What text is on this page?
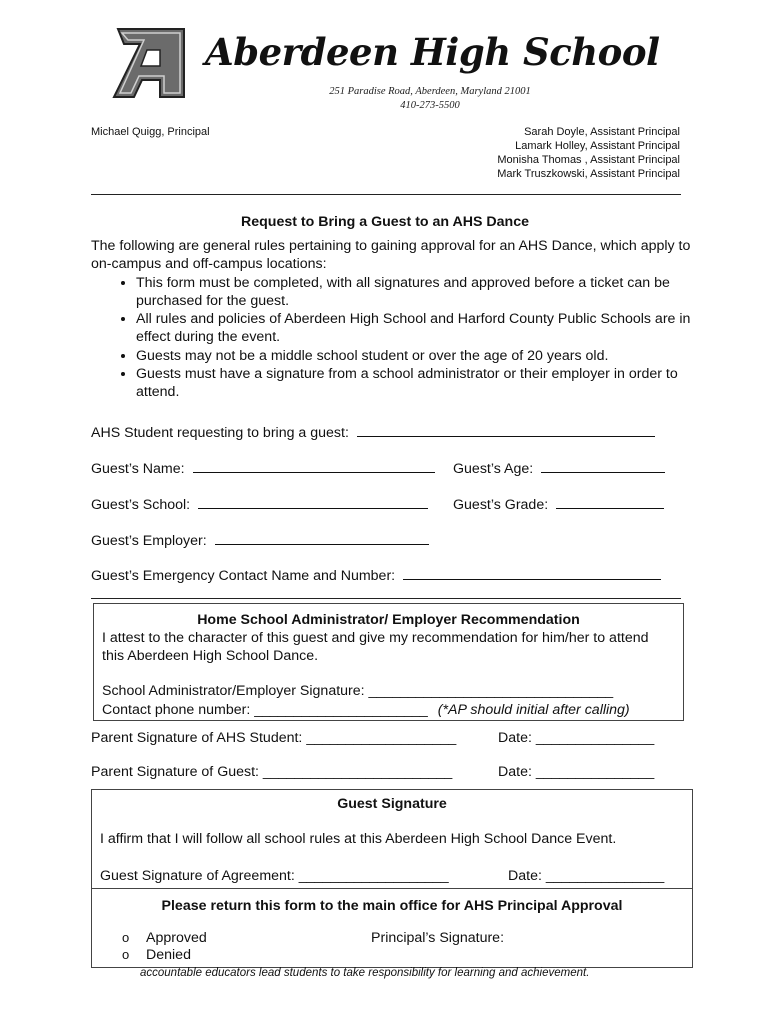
Aberdeen High School
251 Paradise Road, Aberdeen, Maryland 21001
410-273-5500
Michael Quigg, Principal	Sarah Doyle, Assistant Principal
Lamark Holley, Assistant Principal
Monisha Thomas , Assistant Principal
Mark Truszkowski, Assistant Principal
Request to Bring a Guest to an AHS Dance
The following are general rules pertaining to gaining approval for an AHS Dance, which apply to on-campus and off-campus locations:
• This form must be completed, with all signatures and approved before a ticket can be purchased for the guest.
• All rules and policies of Aberdeen High School and Harford County Public Schools are in effect during the event.
• Guests may not be a middle school student or over the age of 20 years old.
• Guests must have a signature from a school administrator or their employer in order to attend.
AHS Student requesting to bring a guest:
Guest’s Name:	Guest’s Age:
Guest’s School:	Guest’s Grade:
Guest’s Employer:
Guest’s Emergency Contact Name and Number:
Home School Administrator/ Employer Recommendation
I attest to the character of this guest and give my recommendation for him/her to attend this Aberdeen High School Dance.
School Administrator/Employer Signature: _______________________________
Contact phone number: ______________________ (*AP should initial after calling)
Parent Signature of AHS Student: ___________________	Date: _______________
Parent Signature of Guest: ________________________	Date: _______________
Guest Signature
I affirm that I will follow all school rules at this Aberdeen High School Dance Event.
Guest Signature of Agreement: ___________________	Date: _______________
Please return this form to the main office for AHS Principal Approval
o Approved
o Denied
Principal’s Signature:
accountable educators lead students to take responsibility for learning and achievement.
